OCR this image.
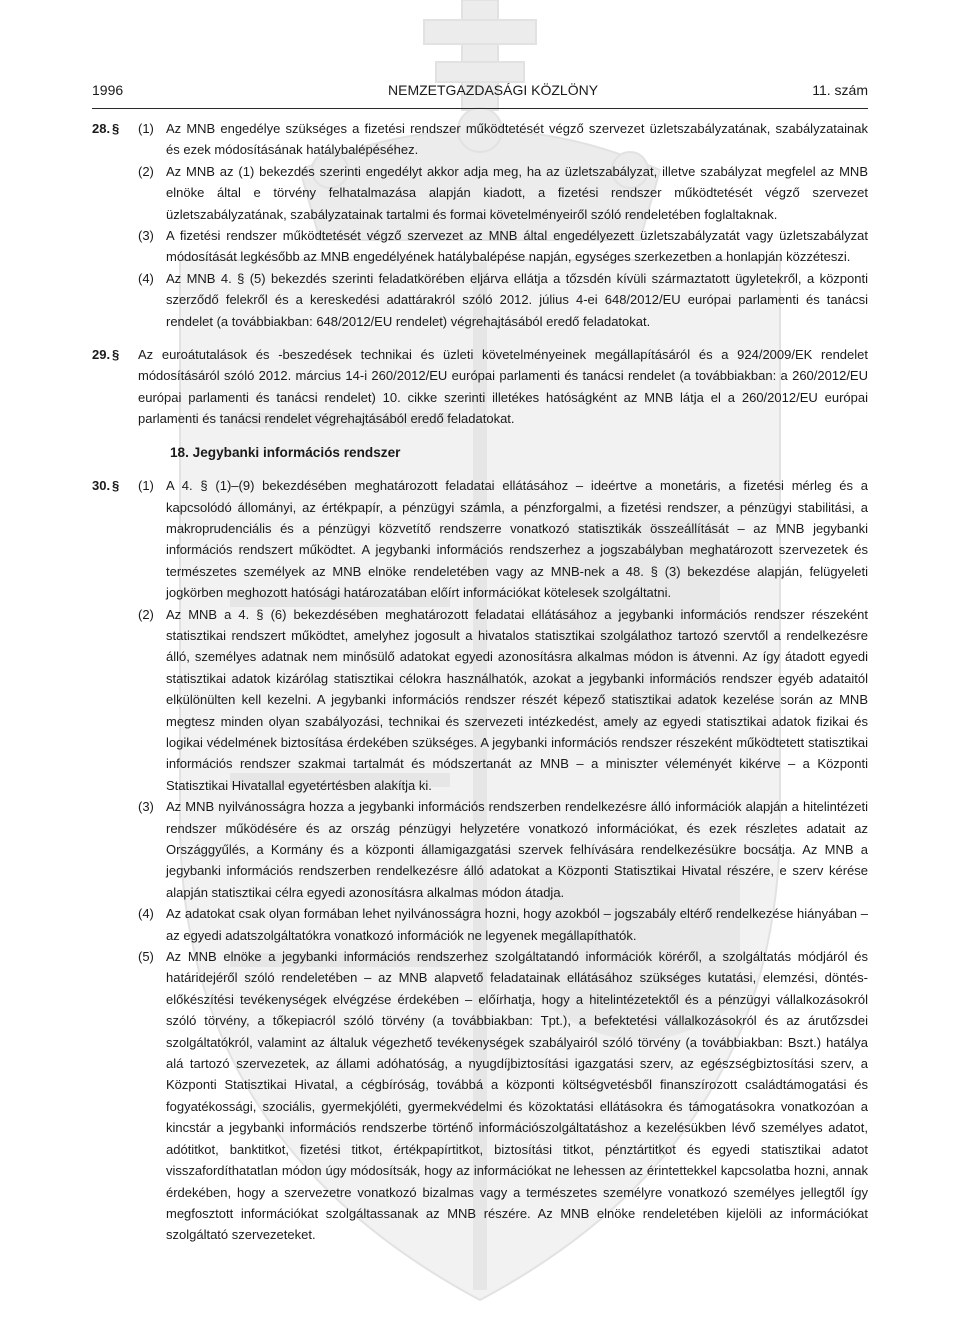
1996	NEMZETGAZDASÁGI KÖZLÖNY	11. szám
28. §	(1) Az MNB engedélye szükséges a fizetési rendszer működtetését végző szervezet üzletszabályzatának, szabályzatainak és ezek módosításának hatálybalépéséhez.
(2) Az MNB az (1) bekezdés szerinti engedélyt akkor adja meg, ha az üzletszabályzat, illetve szabályzat megfelel az MNB elnöke által e törvény felhatalmazása alapján kiadott, a fizetési rendszer működtetését végző szervezet üzletszabályzatának, szabályzatainak tartalmi és formai követelményeiről szóló rendeletében foglaltaknak.
(3) A fizetési rendszer működtetését végző szervezet az MNB által engedélyezett üzletszabályzatát vagy üzletszabályzat módosítását legkésőbb az MNB engedélyének hatálybalépése napján, egységes szerkezetben a honlapján közzéteszi.
(4) Az MNB 4. § (5) bekezdés szerinti feladatkörében eljárva ellátja a tőzsdén kívüli származtatott ügyletekről, a központi szerződő felekről és a kereskedési adattárakról szóló 2012. július 4-ei 648/2012/EU európai parlamenti és tanácsi rendelet (a továbbiakban: 648/2012/EU rendelet) végrehajtásából eredő feladatokat.
29. §	Az euroátutalások és -beszedések technikai és üzleti követelményeinek megállapításáról és a 924/2009/EK rendelet módosításáról szóló 2012. március 14-i 260/2012/EU európai parlamenti és tanácsi rendelet (a továbbiakban: a 260/2012/EU európai parlamenti és tanácsi rendelet) 10. cikke szerinti illetékes hatóságként az MNB látja el a 260/2012/EU európai parlamenti és tanácsi rendelet végrehajtásából eredő feladatokat.
18. Jegybanki információs rendszer
30. §	(1) A 4. § (1)–(9) bekezdésében meghatározott feladatai ellátásához – ideértve a monetáris, a fizetési mérleg és a kapcsolódó állományi, az értékpapír, a pénzügyi számla, a pénzforgalmi, a fizetési rendszer, a pénzügyi stabilitási, a makroprudenciális és a pénzügyi közvetítő rendszerre vonatkozó statisztikák összeállítását – az MNB jegybanki információs rendszert működtet. A jegybanki információs rendszerhez a jogszabályban meghatározott szervezetek és természetes személyek az MNB elnöke rendeletében vagy az MNB-nek a 48. § (3) bekezdése alapján, felügyeleti jogkörben meghozott hatósági határozatában előírt információkat kötelesek szolgáltatni.
(2) Az MNB a 4. § (6) bekezdésében meghatározott feladatai ellátásához a jegybanki információs rendszer részeként statisztikai rendszert működtet, amelyhez jogosult a hivatalos statisztikai szolgálathoz tartozó szervtől a rendelkezésre álló, személyes adatnak nem minősülő adatokat egyedi azonosításra alkalmas módon is átvenni. Az így átadott egyedi statisztikai adatok kizárólag statisztikai célokra használhatók, azokat a jegybanki információs rendszer egyéb adataitól elkülönülten kell kezelni. A jegybanki információs rendszer részét képező statisztikai adatok kezelése során az MNB megtesz minden olyan szabályozási, technikai és szervezeti intézkedést, amely az egyedi statisztikai adatok fizikai és logikai védelmének biztosítása érdekében szükséges. A jegybanki információs rendszer részeként működtetett statisztikai információs rendszer szakmai tartalmát és módszertanát az MNB – a miniszter véleményét kikérve – a Központi Statisztikai Hivatallal egyetértésben alakítja ki.
(3) Az MNB nyilvánosságra hozza a jegybanki információs rendszerben rendelkezésre álló információk alapján a hitelintézeti rendszer működésére és az ország pénzügyi helyzetére vonatkozó információkat, és ezek részletes adatait az Országgyűlés, a Kormány és a központi államigazgatási szervek felhívására rendelkezésükre bocsátja. Az MNB a jegybanki információs rendszerben rendelkezésre álló adatokat a Központi Statisztikai Hivatal részére, e szerv kérése alapján statisztikai célra egyedi azonosításra alkalmas módon átadja.
(4) Az adatokat csak olyan formában lehet nyilvánosságra hozni, hogy azokból – jogszabály eltérő rendelkezése hiányában – az egyedi adatszolgáltatókra vonatkozó információk ne legyenek megállapíthatók.
(5) Az MNB elnöke a jegybanki információs rendszerhez szolgáltatandó információk köréről, a szolgáltatás módjáról és határidejéről szóló rendeletében – az MNB alapvető feladatainak ellátásához szükséges kutatási, elemzési, döntés-előkészítési tevékenységek elvégzése érdekében – előírhatja, hogy a hitelintézetektől és a pénzügyi vállalkozásokról szóló törvény, a tőkepiacról szóló törvény (a továbbiakban: Tpt.), a befektetési vállalkozásokról és az árutőzsdei szolgáltatókról, valamint az általuk végezhető tevékenységek szabályairól szóló törvény (a továbbiakban: Bszt.) hatálya alá tartozó szervezetek, az állami adóhatóság, a nyugdíjbiztosítási igazgatási szerv, az egészségbiztosítási szerv, a Központi Statisztikai Hivatal, a cégbíróság, továbbá a központi költségvetésből finanszírozott családtámogatási és fogyatékossági, szociális, gyermekjóléti, gyermekvédelmi és közoktatási ellátásokra és támogatásokra vonatkozóan a kincstár a jegybanki információs rendszerbe történő információszolgáltatáshoz a kezelésükben lévő személyes adatot, adótitkot, banktitkot, fizetési titkot, értékpapírtitkot, biztosítási titkot, pénztártitkot és egyedi statisztikai adatot visszafordíthatatlan módon úgy módosítsák, hogy az információkat ne lehessen az érintettekkel kapcsolatba hozni, annak érdekében, hogy a szervezetre vonatkozó bizalmas vagy a természetes személyre vonatkozó személyes jellegtől így megfosztott információkat szolgáltassanak az MNB részére. Az MNB elnöke rendeletében kijelöli az információkat szolgáltató szervezeteket.
